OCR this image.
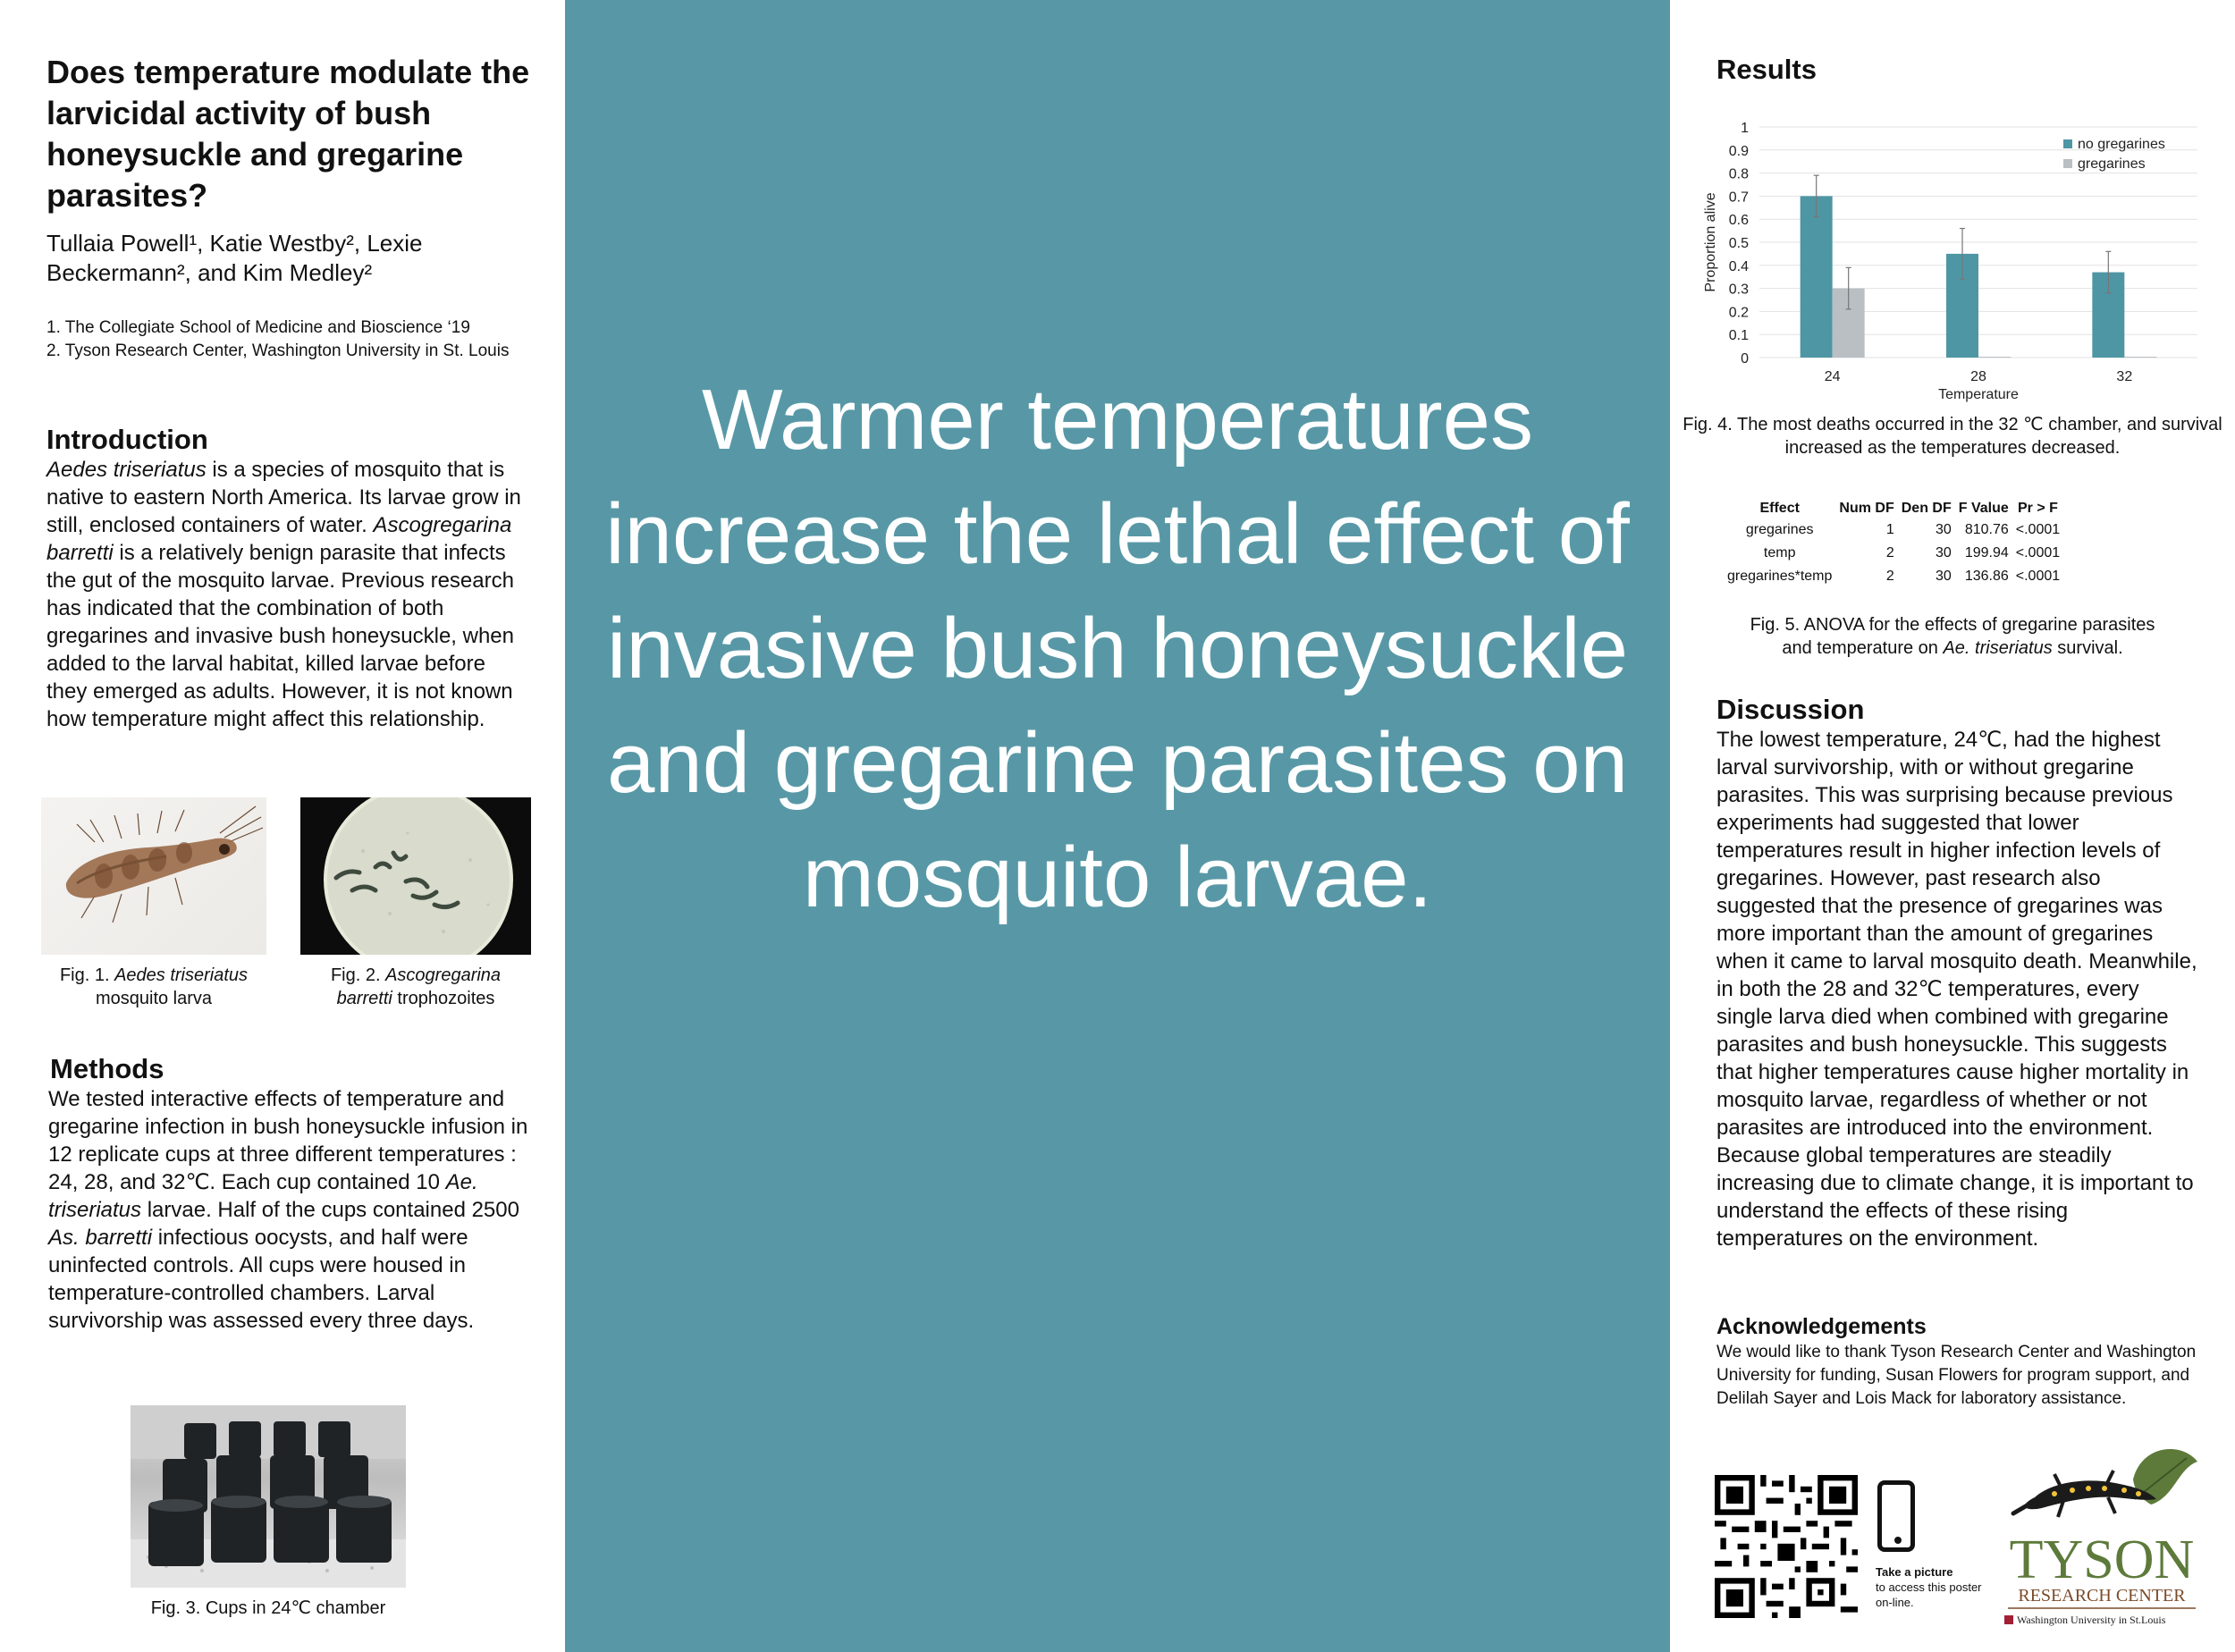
Does temperature modulate the larvicidal activity of bush honeysuckle and gregarine parasites?
Tullaia Powell¹, Katie Westby², Lexie
Beckermann², and Kim Medley²
1. The Collegiate School of Medicine and Bioscience ‘19
2. Tyson Research Center, Washington University in St. Louis
Introduction

Aedes triseriatus is a species of mosquito that is native to eastern North America. Its larvae grow in still, enclosed containers of water. Ascogregarina barretti is a relatively benign parasite that infects the gut of the mosquito larvae. Previous research has indicated that the combination of both gregarines and invasive bush honeysuckle, when added to the larval habitat, killed larvae before they emerged as adults. However, it is not known how temperature might affect this relationship.

Fig. 1. Aedes triseriatus
mosquito larva
Fig. 2. Ascogregarina
barretti trophozoites
Methods

We tested interactive effects of temperature and gregarine infection in bush honeysuckle infusion in 12 replicate cups at three different temperatures : 24, 28, and 32℃. Each cup contained 10 Ae. triseriatus larvae. Half of the cups contained 2500 As. barretti infectious oocysts, and half were uninfected controls. All cups were housed in temperature-controlled chambers. Larval survivorship was assessed every three days.

Fig. 3. Cups in 24℃ chamber
Warmer temperatures increase the lethal effect of invasive bush honeysuckle and gregarine parasites on mosquito larvae.
Results
0
0.1
0.2
0.3
0.4
0.5
0.6
0.7
0.8
0.9
1
Proportion alive
24	28	32
Temperature
no gregarines
gregarines
Fig. 4. The most deaths occurred in the 32 ℃ chamber, and survival increased as the temperatures decreased.
Effect	Num DF	Den DF	F Value	Pr > F
gregarines	1	30	810.76	<.0001
temp	2	30	199.94	<.0001
gregarines*temp	2	30	136.86	<.0001
Fig. 5. ANOVA for the effects of gregarine parasites
and temperature on Ae. triseriatus survival.
Discussion

The lowest temperature, 24℃, had the highest larval survivorship, with or without gregarine parasites. This was surprising because previous experiments had suggested that lower temperatures result in higher infection levels of gregarines. However, past research also suggested that the presence of gregarines was more important than the amount of gregarines when it came to larval mosquito death. Meanwhile, in both the 28 and 32℃ temperatures, every single larva died when combined with gregarine parasites and bush honeysuckle. This suggests that higher temperatures cause higher mortality in mosquito larvae, regardless of whether or not parasites are introduced into the environment. Because global temperatures are steadily increasing due to climate change, it is important to understand the effects of these rising temperatures on the environment.

Acknowledgements

We would like to thank Tyson Research Center and Washington University for funding, Susan Flowers for program support, and Delilah Sayer and Lois Mack for laboratory assistance.

Take a picture
to access this poster on-line.
TYSON
RESEARCH CENTER
Washington University in St.Louis
